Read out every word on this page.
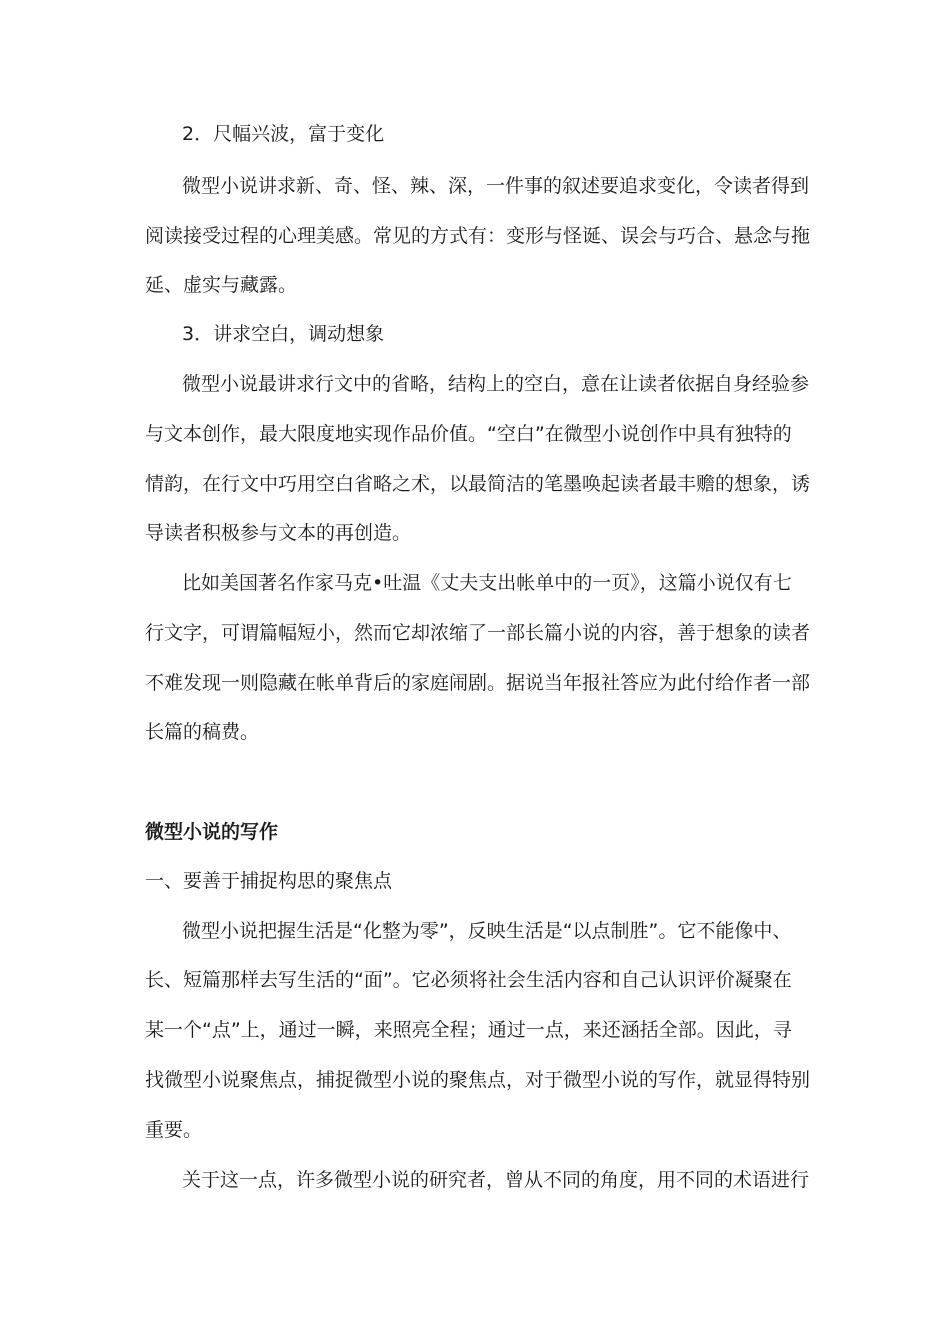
2．尺幅兴波，富于变化
微型小说讲求新、奇、怪、辣、深，一件事的叙述要追求变化，令读者得到
阅读接受过程的心理美感。常见的方式有：变形与怪诞、误会与巧合、悬念与拖
延、虚实与藏露。
3．讲求空白，调动想象
微型小说最讲求行文中的省略，结构上的空白，意在让读者依据自身经验参
与文本创作，最大限度地实现作品价值。“空白”在微型小说创作中具有独特的
情韵，在行文中巧用空白省略之术，以最简洁的笔墨唤起读者最丰赡的想象，诱
导读者积极参与文本的再创造。
比如美国著名作家马克•吐温《丈夫支出帐单中的一页》，这篇小说仅有七
行文字，可谓篇幅短小，然而它却浓缩了一部长篇小说的内容，善于想象的读者
不难发现一则隐藏在帐单背后的家庭闹剧。据说当年报社答应为此付给作者一部
长篇的稿费。
微型小说的写作
一、要善于捕捉构思的聚焦点
微型小说把握生活是“化整为零”，反映生活是“以点制胜”。它不能像中、
长、短篇那样去写生活的“面”。它必须将社会生活内容和自己认识评价凝聚在
某一个“点”上，通过一瞬，来照亮全程；通过一点，来还涵括全部。因此，寻
找微型小说聚焦点，捕捉微型小说的聚焦点，对于微型小说的写作，就显得特别
重要。
关于这一点，许多微型小说的研究者，曾从不同的角度，用不同的术语进行
